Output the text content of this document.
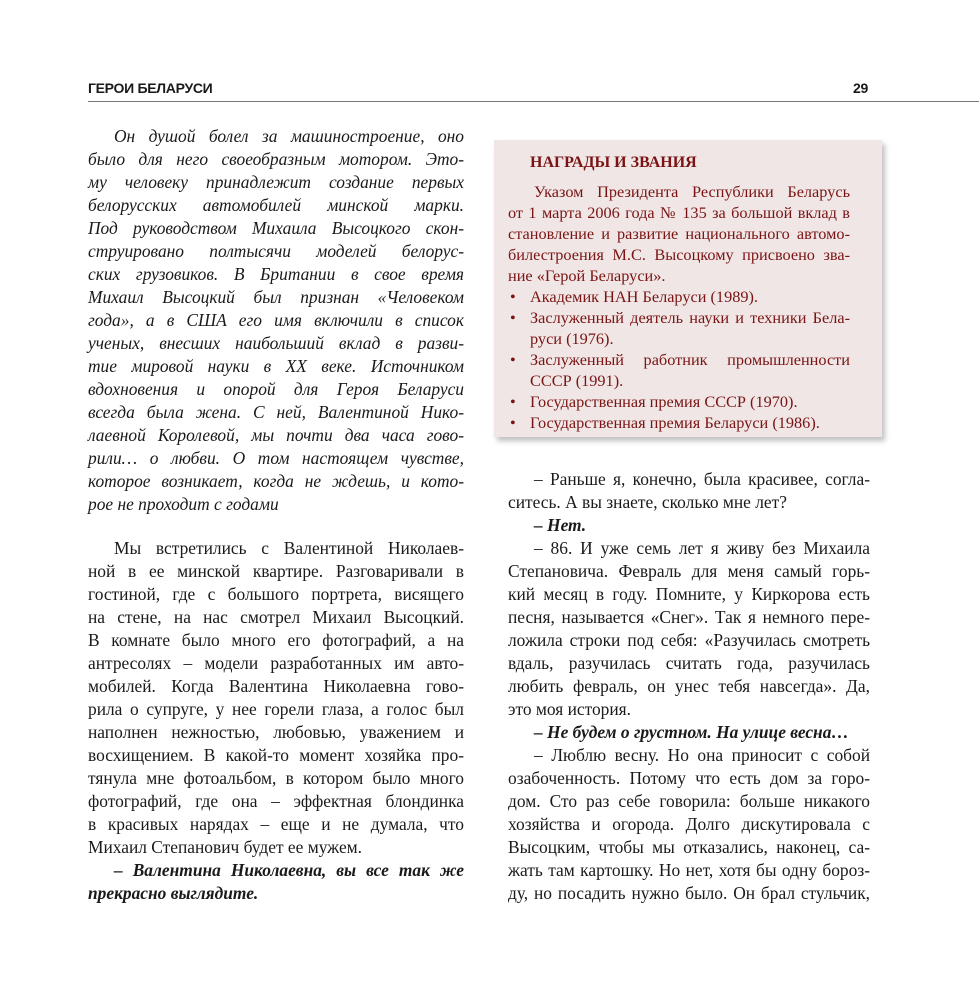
ГЕРОИ БЕЛАРУСИ	29
Он душой болел за машиностроение, оно
было для него своеобразным мотором. Это-
му человеку принадлежит создание первых
белорусских автомобилей минской марки.
Под руководством Михаила Высоцкого скон-
струировано полтысячи моделей белорус-
ских грузовиков. В Британии в свое время
Михаил Высоцкий был признан «Человеком
года», а в США его имя включили в список
ученых, внесших наибольший вклад в разви-
тие мировой науки в XX веке. Источником
вдохновения и опорой для Героя Беларуси
всегда была жена. С ней, Валентиной Нико-
лаевной Королевой, мы почти два часа гово-
рили… о любви. О том настоящем чувстве,
которое возникает, когда не ждешь, и кото-
рое не проходит с годами
Мы встретились с Валентиной Николаев-
ной в ее минской квартире. Разговаривали в
гостиной, где с большого портрета, висящего
на стене, на нас смотрел Михаил Высоцкий.
В комнате было много его фотографий, а на
антресолях – модели разработанных им авто-
мобилей. Когда Валентина Николаевна гово-
рила о супруге, у нее горели глаза, а голос был
наполнен нежностью, любовью, уважением и
восхищением. В какой-то момент хозяйка про-
тянула мне фотоальбом, в котором было много
фотографий, где она – эффектная блондинка
в красивых нарядах – еще и не думала, что
Михаил Степанович будет ее мужем.
– Валентина Николаевна, вы все так же
прекрасно выглядите.
НАГРАДЫ И ЗВАНИЯ
Указом Президента Республики Беларусь
от 1 марта 2006 года № 135 за большой вклад в
становление и развитие национального автомо-
билестроения М.С. Высоцкому присвоено зва-
ние «Герой Беларуси».
• Академик НАН Беларуси (1989).
• Заслуженный деятель науки и техники Бела-
руси (1976).
• Заслуженный работник промышленности
СССР (1991).
• Государственная премия СССР (1970).
• Государственная премия Беларуси (1986).
– Раньше я, конечно, была красивее, согла-
ситесь. А вы знаете, сколько мне лет?
– Нет.
– 86. И уже семь лет я живу без Михаила
Степановича. Февраль для меня самый горь-
кий месяц в году. Помните, у Киркорова есть
песня, называется «Снег». Так я немного пере-
ложила строки под себя: «Разучилась смотреть
вдаль, разучилась считать года, разучилась
любить февраль, он унес тебя навсегда». Да,
это моя история.
– Не будем о грустном. На улице весна…
– Люблю весну. Но она приносит с собой
озабоченность. Потому что есть дом за горо-
дом. Сто раз себе говорила: больше никакого
хозяйства и огорода. Долго дискутировала с
Высоцким, чтобы мы отказались, наконец, са-
жать там картошку. Но нет, хотя бы одну бороз-
ду, но посадить нужно было. Он брал стульчик,
